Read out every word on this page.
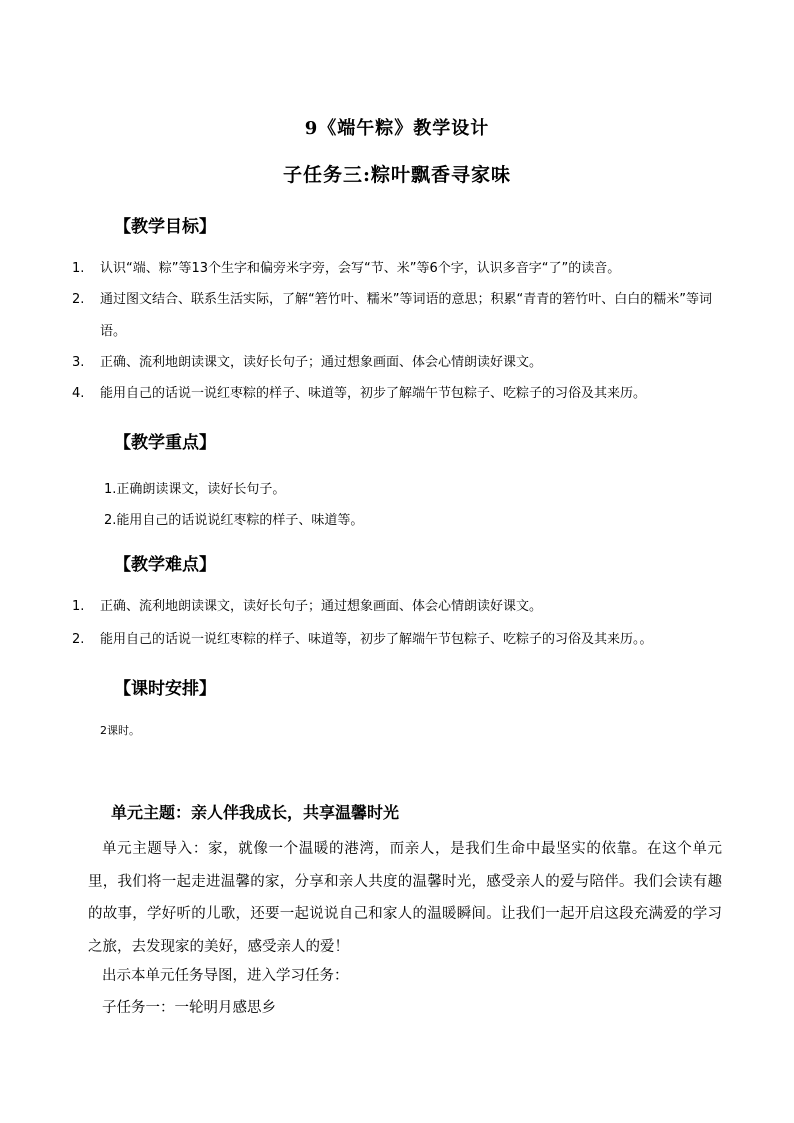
9《端午粽》教学设计
子任务三:粽叶飘香寻家味
【教学目标】
1.	认识“端、粽”等13个生字和偏旁米字旁，会写“节、米”等6个字，认识多音字“了”的读音。
2.	通过图文结合、联系生活实际，了解“箬竹叶、糯米”等词语的意思；积累“青青的箬竹叶、白白的糯米”等词语。
3.	正确、流利地朗读课文，读好长句子；通过想象画面、体会心情朗读好课文。
4.	能用自己的话说一说红枣粽的样子、味道等，初步了解端午节包粽子、吃粽子的习俗及其来历。
【教学重点】
1.正确朗读课文，读好长句子。
2.能用自己的话说说红枣粽的样子、味道等。
【教学难点】
1.	正确、流利地朗读课文，读好长句子；通过想象画面、体会心情朗读好课文。
2.	能用自己的话说一说红枣粽的样子、味道等，初步了解端午节包粽子、吃粽子的习俗及其来历。。
【课时安排】
2课时。
单元主题：亲人伴我成长，共享温馨时光
单元主题导入：家，就像一个温暖的港湾，而亲人，是我们生命中最坚实的依靠。在这个单元里，我们将一起走进温馨的家，分享和亲人共度的温馨时光，感受亲人的爱与陪伴。我们会读有趣的故事，学好听的儿歌，还要一起说说自己和家人的温暖瞬间。让我们一起开启这段充满爱的学习之旅，去发现家的美好，感受亲人的爱！
出示本单元任务导图，进入学习任务：
子任务一：一轮明月感思乡
